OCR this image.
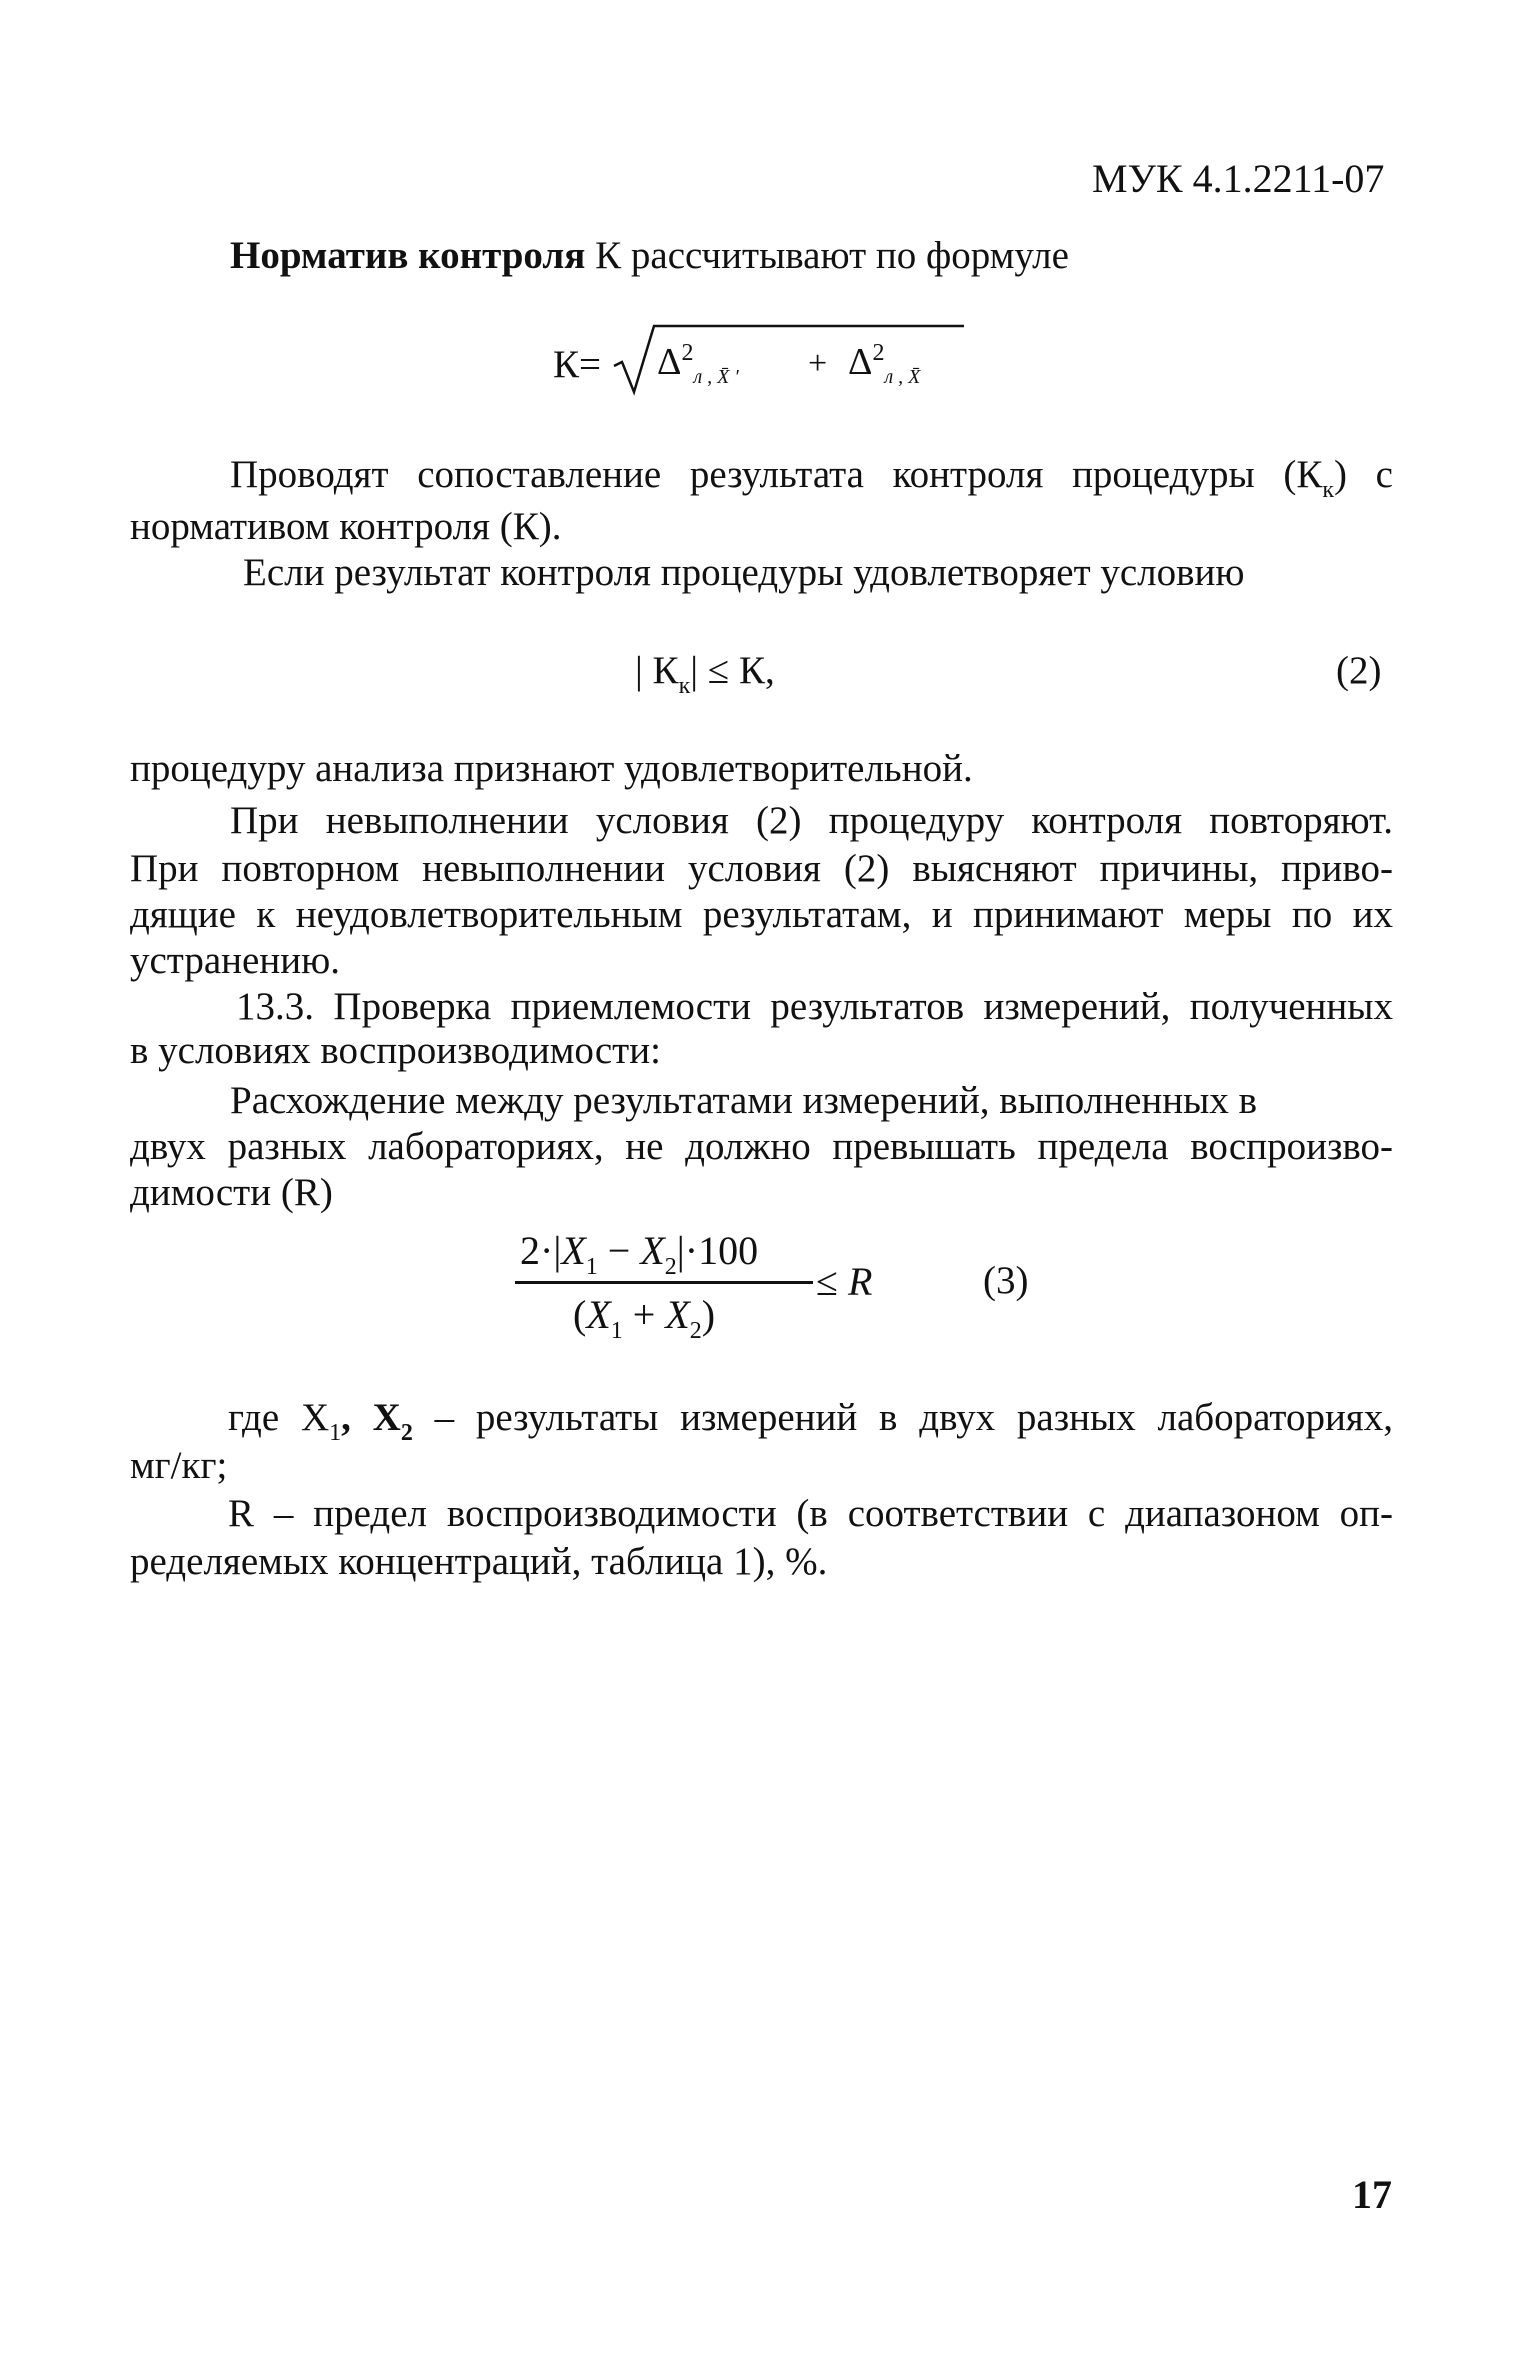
МУК 4.1.2211-07
Норматив контроля К рассчитывают по формуле
$К= \Delta^2_{л , X̄ '} + \Delta^2_{л , X̄}$
Проводят сопоставление результата контроля процедуры $(К_к)$ с
нормативом контроля (К).
Если результат контроля процедуры удовлетворяет условию
| $К_к| \le К$,	(2)
процедуру анализа признают удовлетворительной.
При невыполнении условия (2) процедуру контроля повторяют.
При повторном невыполнении условия (2) выясняют причины, приво-
дящие к неудовлетворительным результатам, и принимают меры по их
устранению.
13.3. Проверка приемлемости результатов измерений, полученных
в условиях воспроизводимости:
Расхождение между результатами измерений, выполненных в
двух разных лабораториях, не должно превышать предела воспроизво-
димости (R)
$2\cdot|X_1 - X_2|\cdot 100$
$(X_1 + X_2)$
≤ R	(3)
где $X_1$, $X_2$ – результаты измерений в двух разных лабораториях,
мг/кг;
R – предел воспроизводимости (в соответствии с диапазоном оп-
ределяемых концентраций, таблица 1), %.
17
